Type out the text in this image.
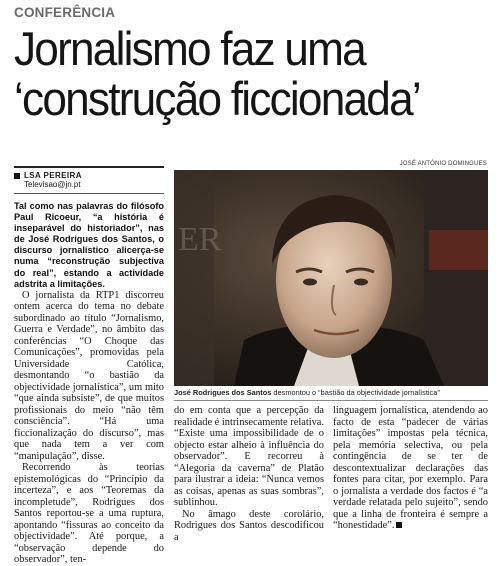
CONFERÊNCIA
Jornalismo faz uma
‘construção ficcionada’
JOSÉ ANTÓNIO DOMINGUES
LSA PEREIRA
Televisao@jn.pt

Tal como nas palavras do filósofo Paul Ricoeur, “a história é inseparável do historiador”, nas de José Rodrigues dos Santos, o discurso jornalístico alicerça-se numa “reconstrução subjectiva do real”, estando a actividade adstrita a limitações.

O jornalista da RTP1 discorreu ontem acerca do tema no debate subordinado ao título “Jornalismo, Guerra e Verdade”, no âmbito das conferências “O Choque das Comunicações”, promovidas pela Universidade Católica, desmontando “o bastião da objectividade jornalística”, um mito “que ainda subsiste”, de que muitos profissionais do meio “não têm consciência”. “Há uma ficcionalização do discurso”, mas que nada tem a ver com “manipulação”, disse.

Recorrendo às teorias epistemológicas do “Princípio da incerteza”, e aos “Teoremas da incompletude”, Rodrigues dos Santos reportou-se a uma ruptura, apontando “fissuras ao conceito da objectividade”. Até porque, a “observação depende do observador”, ten-

ER
José Rodrigues dos Santos desmontou o “bastião da objectividade jornalística”

do em conta que a percepção da realidade é intrinsecamente relativa. “Existe uma impossibilidade de o objecto estar alheio à influência do observador”. E recorreu à “Alegoria da caverna” de Platão para ilustrar a ideia: “Nunca vemos as coisas, apenas as suas sombras”, sublinhou.

No âmago deste corolário, Rodrigues dos Santos descodificou a

linguagem jornalística, atendendo ao facto de esta “padecer de várias limitações” impostas pela técnica, pela memória selectiva, ou pela contingência de se ter de descontextualizar declarações das fontes para citar, por exemplo. Para o jornalista a verdade dos factos é “a verdade relatada pelo sujeito”, sendo que a linha de fronteira é sempre a “honestidade”.
